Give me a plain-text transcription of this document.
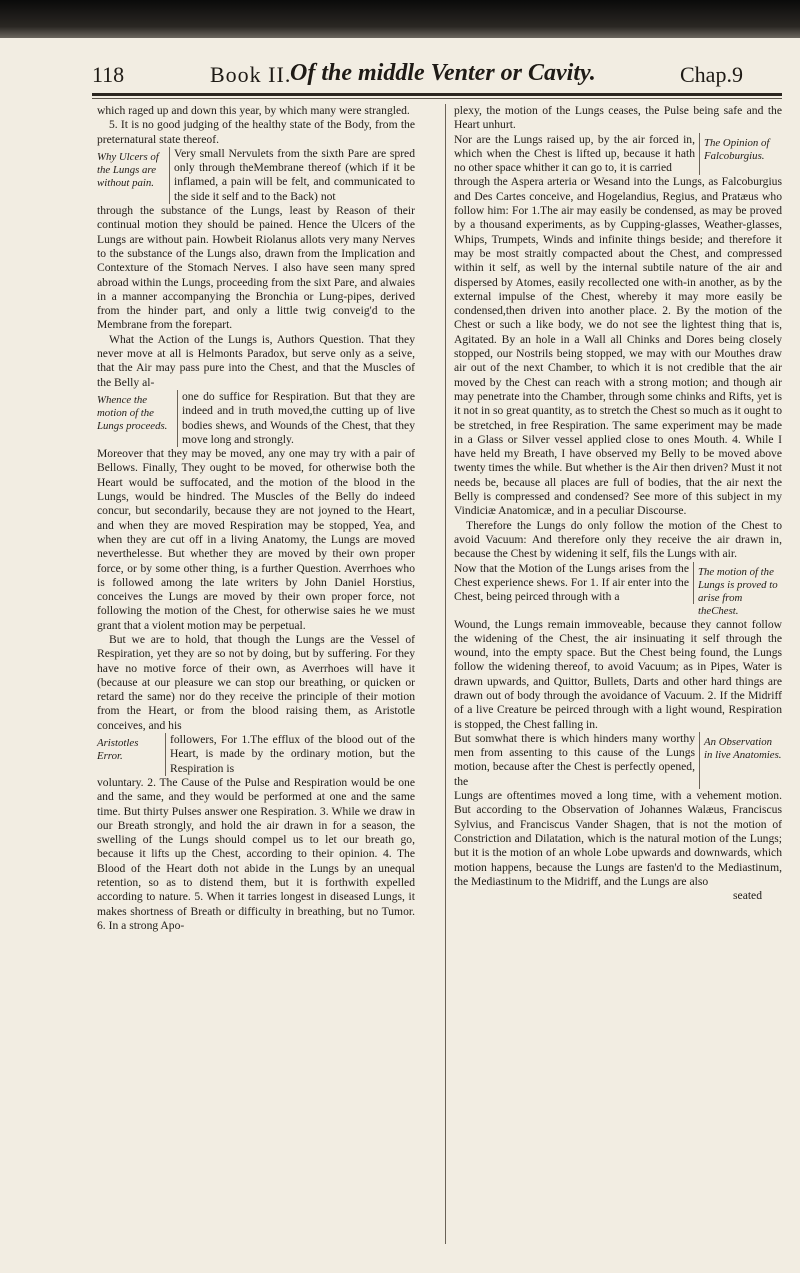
118	Book II.
Of the middle Venter or Cavity.	Chap.9

which raged up and down this year, by which many were strangled.

5. It is no good judging of the healthy state of the Body, from the preternatural state thereof.

Why Ulcers of the Lungs are without pain.
Very small Nervulets from the sixth Pare are spred only through theMembrane thereof (which if it be inflamed, a pain will be felt, and communicated to the side it self and to the Back) not

through the substance of the Lungs, least by Reason of their continual motion they should be pained. Hence the Ulcers of the Lungs are without pain. Howbeit Riolanus allots very many Nerves to the substance of the Lungs also, drawn from the Implication and Contexture of the Stomach Nerves. I also have seen many spred abroad within the Lungs, proceeding from the sixt Pare, and alwaies in a manner accompanying the Bronchia or Lung-pipes, derived from the hinder part, and only a little twig conveig'd to the Membrane from the forepart.

What the Action of the Lungs is, Authors Question. That they never move at all is Helmonts Paradox, but serve only as a seive, that the Air may pass pure into the Chest, and that the Muscles of the Belly al-

Whence the motion of the Lungs proceeds.
one do suffice for Respiration. But that they are indeed and in truth moved,the cutting up of live bodies shews, and Wounds of the Chest, that they move long and strongly.

Moreover that they may be moved, any one may try with a pair of Bellows. Finally, They ought to be moved, for otherwise both the Heart would be suffocated, and the motion of the blood in the Lungs, would be hindred. The Muscles of the Belly do indeed concur, but secondarily, because they are not joyned to the Heart, and when they are moved Respiration may be stopped, Yea, and when they are cut off in a living Anatomy, the Lungs are moved neverthelesse. But whether they are moved by their own proper force, or by some other thing, is a further Question. Averrhoes who is followed among the late writers by John Daniel Horstius, conceives the Lungs are moved by their own proper force, not following the motion of the Chest, for otherwise saies he we must grant that a violent motion may be perpetual.

But we are to hold, that though the Lungs are the Vessel of Respiration, yet they are so not by doing, but by suffering. For they have no motive force of their own, as Averrhoes will have it (because at our pleasure we can stop our breathing, or quicken or retard the same) nor do they receive the principle of their motion from the Heart, or from the blood raising them, as Aristotle conceives, and his

Aristotles Error.
followers, For 1.The efflux of the blood out of the Heart, is made by the ordinary motion, but the Respiration is

voluntary. 2. The Cause of the Pulse and Respiration would be one and the same, and they would be performed at one and the same time. But thirty Pulses answer one Respiration. 3. While we draw in our Breath strongly, and hold the air drawn in for a season, the swelling of the Lungs should compel us to let our breath go, because it lifts up the Chest, according to their opinion. 4. The Blood of the Heart doth not abide in the Lungs by an unequal retention, so as to distend them, but it is forthwith expelled according to nature. 5. When it tarries longest in diseased Lungs, it makes shortness of Breath or difficulty in breathing, but no Tumor. 6. In a strong Apo-

plexy, the motion of the Lungs ceases, the Pulse being safe and the Heart unhurt.

Nor are the Lungs raised up, by the air forced in, which when the Chest is lifted up, because it hath no other space whither it can go to, it is carried
The Opinion of Falcoburgius.

through the Aspera arteria or Wesand into the Lungs, as Falcoburgius and Des Cartes conceive, and Hogelandius, Regius, and Pratæus who follow him: For 1.The air may easily be condensed, as may be proved by a thousand experiments, as by Cupping-glasses, Weather-glasses, Whips, Trumpets, Winds and infinite things beside; and therefore it may be most straitly compacted about the Chest, and compressed within it self, as well by the internal subtile nature of the air and dispersed by Atomes, easily recollected one with-in another, as by the external impulse of the Chest, whereby it may more easily be condensed,then driven into another place. 2. By the motion of the Chest or such a like body, we do not see the lightest thing that is, Agitated. By an hole in a Wall all Chinks and Dores being closely stopped, our Nostrils being stopped, we may with our Mouthes draw air out of the next Chamber, to which it is not credible that the air moved by the Chest can reach with a strong motion; and though air may penetrate into the Chamber, through some chinks and Rifts, yet is it not in so great quantity, as to stretch the Chest so much as it ought to be stretched, in free Respiration. The same experiment may be made in a Glass or Silver vessel applied close to ones Mouth. 4. While I have held my Breath, I have observed my Belly to be moved above twenty times the while. But whether is the Air then driven? Must it not needs be, because all places are full of bodies, that the air next the Belly is compressed and condensed? See more of this subject in my Vindiciæ Anatomicæ, and in a peculiar Discourse.

Therefore the Lungs do only follow the motion of the Chest to avoid Vacuum: And therefore only they receive the air drawn in, because the Chest by widening it self, fils the Lungs with air.

Now that the Motion of the Lungs arises from the Chest experience shews. For 1. If air enter into the Chest, being peirced through with a
The motion of the Lungs is proved to arise from theChest.

Wound, the Lungs remain immoveable, because they cannot follow the widening of the Chest, the air insinuating it self through the wound, into the empty space. But the Chest being found, the Lungs follow the widening thereof, to avoid Vacuum; as in Pipes, Water is drawn upwards, and Quittor, Bullets, Darts and other hard things are drawn out of body through the avoidance of Vacuum. 2. If the Midriff of a live Creature be peirced through with a light wound, Respiration is stopped, the Chest falling in.

But somwhat there is which hinders many worthy men from assenting to this cause of the Lungs motion, because after the Chest is perfectly opened, the
An Observation in live Anatomies.

Lungs are oftentimes moved a long time, with a vehement motion. But according to the Observation of Johannes Walæus, Franciscus Sylvius, and Franciscus Vander Shagen, that is not the motion of Constriction and Dilatation, which is the natural motion of the Lungs; but it is the motion of an whole Lobe upwards and downwards, which motion happens, because the Lungs are fasten'd to the Mediastinum, the Mediastinum to the Midriff, and the Lungs are also

seated
